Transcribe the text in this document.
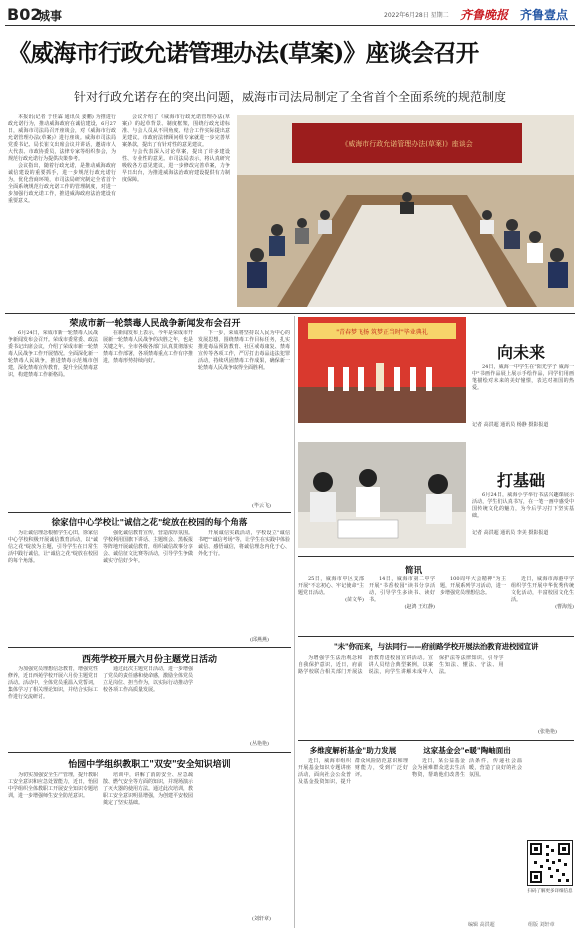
B02
城事	2022年6月28日 星期二 齐鲁晚报 齐鲁壹点
《威海市行政允诺管理办法(草案)》座谈会召开
针对行政允诺存在的突出问题，威海市司法局制定了全省首个全面系统的规范制度
本报讯(记者 于佳霖 通讯员 姜鹏) 为推进行政允诺行为，推动威海政府在诚信建设，6月27日，威海市司法局召开座谈会，对《威海市行政允诺管理办法(草案)》进行座谈。威海市司法局党委书记、局长崔文出席会议并讲话，邀请市人大代表、市政协委员，法律专家等组织参会，为规范行政允诺行为提供决策参考。
会议指出，随着行政允诺，是推动威海政府诚信建设的重要抓手，进一步规范行政允诺行为，优化营商环境，市司法局研究制定全省首个全面系统规范行政允诺工作的管理制度，对进一步加强行政允诺工作，推进威海政府法治建设有重要意义。
会议介绍了《威海市行政允诺管理办法(草案)》的起草背景、制度框架，围绕行政允诺标准、与会人员从不同角度、结合工作实际提出意见建议。市政府法律顾问组专家就进一步完善草案条款，提出了有针对性的意见建议。
与会代表深入讨论草案，提出了许多建设性、专业性的意见。市司法局表示，将认真研究吸收各方意见建议，进一步修改完善草案，力争早日出台，为推进威海法治政府建设提供有力制度保障。
《威海市行政允诺管理办法(草案)》座谈会
荣成市新一轮禁毒人民战争新闻发布会召开
6月24日，荣成市新一轮禁毒人民战争新闻发布会召开。荣成市委常委、政法委书记出席会议，介绍了荣成市新一轮禁毒人民战争工作开展情况。全面深化新一轮禁毒人民战争，推进禁毒示范城市创建，深化禁毒宣传教育，提升全民禁毒意识，构建禁毒工作新格局。
在新闻发布上表示，今年是荣成市开展新一轮禁毒人民战争的决胜之年，也是关键之年。全市各级各部门认真贯彻落实禁毒工作部署，各项禁毒重点工作有序推进，禁毒形势持续向好。
下一步，荣成将坚持以人民为中心的发展思想，围绕禁毒工作目标任务，扎实推进毒品预防教育、社区戒毒康复、禁毒宣传等各项工作，严厉打击毒品违法犯罪活动，持续巩固禁毒工作成果，确保新一轮禁毒人民战争取得全面胜利。
(毕云飞)
徐家信中心学校让"诚信之花"绽放在校园的每个角落
为让诚信理念根植学生心田，徐家信中心学校积极开展诚信教育活动，以"诚信之花"绽放为主题，引导学生在日常生活中践行诚信，让"诚信之花"绽放在校园的每个角落。
强化诚信教育宣传，营造浓厚氛围。学校利用国旗下讲话、主题班会、黑板报等阵地开展诚信教育，组织诚信故事分享会、诚信征文比赛等活动，引导学生争做诚实守信好少年。
开展诚信实践活动，学校设立"诚信书吧""诚信考场"等，让学生在实践中体验诚信、感悟诚信，将诚信理念内化于心、外化于行。
(邱燕燕)
西苑学校开展六月份主题党日活动
为加强党员理想信念教育，增强党性修养，近日西苑学校开展六月份主题党日活动。活动中，全体党员重温入党誓词，集体学习了相关理论知识，并结合实际工作进行交流研讨。
通过此次主题党日活动，进一步增强了党员的责任感和使命感，激励全体党员立足岗位、担当作为，以实际行动推动学校各项工作高质量发展。
(丛艳艳)
怡园中学组织教职工"双安"安全知识培训
为切实加强安全生产管理，提升教职工安全意识和应急处置能力，近日，怡园中学组织全体教职工开展安全知识专题培训，进一步增强师生安全防范意识。
培训中，讲解了消防安全、应急疏散、燃气安全等方面的知识，并现场演示了灭火器的使用方法。通过此次培训，教职工安全意识明显增强，为创建平安校园奠定了坚实基础。
(刘轩章)
"青春梦飞扬 筑梦正当时"毕业典礼
向未来
24日，威海一中学生在"阳光学子 威海一中"书画作品展上展示手绘作品，同学们用画笔描绘对未来的美好憧憬，表达对祖国的热爱。
记者 高洪超 通讯员 杨静 摄影报道
打基础
6月24日，威海小学举行书法兴趣课展示活动，学生们认真书写，在一笔一画中感受中国传统文化的魅力，为今后学习打下坚实基础。
记者 高洪超 通讯员 李美 摄影报道
简讯
25日，威海市中区支部开展"不忘初心、牢记使命"主题党日活动。
(苗文华)
14日，威海市第二中学开展"书香校园"读书分享活动，引导学生多读书、读好书。
(赵鸿 王红静)
100周年大会精神"为主题，开展系列学习活动，进一步增强党员理想信念。
近日，威海市海港中学组织学生开展中华优秀传统文化活动，丰富校园文化生活。
(曹海莲)
"未"你而来，与法同行——府前路学校开展法治教育进校园宣讲
为增强学生法治观念和自我保护意识，近日，府前路学校联合相关部门开展法治教育进校园宣讲活动。宣讲人员结合典型案例，以案说法，向学生讲解未成年人保护法等法律知识，引导学生知法、懂法、守法、用法。
(张艳艳)
多维度解析基金"助力发展
近日，威海市组织开展基金知识专题讲座活动，面向社会公众普及基金投资知识，提升群众风险防范意识和理财能力，受到广泛好评。
这家基金会"e暖"陶岫面出
近日，某公益基金会为困难群众送去生活物资，帮助他们改善生活条件，传递社会温暖，营造了良好的社会氛围。
扫码了解更多详细信息
编辑 高洪超	组版 刘轩章
